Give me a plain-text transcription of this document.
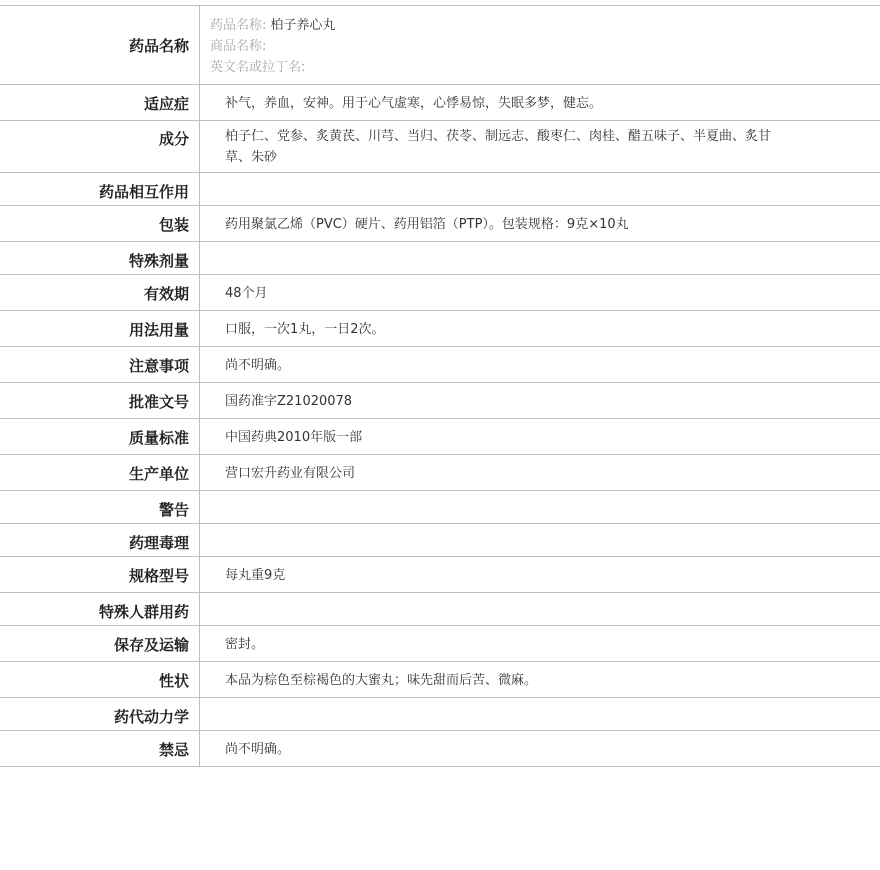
药品名称
药品名称: 柏子养心丸
商品名称:
英文名或拉丁名:
适应症	补气，养血，安神。用于心气虚寒，心悸易惊，失眠多梦，健忘。
成分	柏子仁、党参、炙黄芪、川芎、当归、茯苓、制远志、酸枣仁、肉桂、醋五味子、半夏曲、炙甘草、朱砂
药品相互作用
包装	药用聚氯乙烯（PVC）硬片、药用铝箔（PTP）。包装规格：9克×10丸
特殊剂量
有效期	48个月
用法用量	口服，一次1丸，一日2次。
注意事项	尚不明确。
批准文号	国药准字Z21020078
质量标准	中国药典2010年版一部
生产单位	营口宏升药业有限公司
警告
药理毒理
规格型号	每丸重9克
特殊人群用药
保存及运输	密封。
性状	本品为棕色至棕褐色的大蜜丸；味先甜而后苦、微麻。
药代动力学
禁忌	尚不明确。
